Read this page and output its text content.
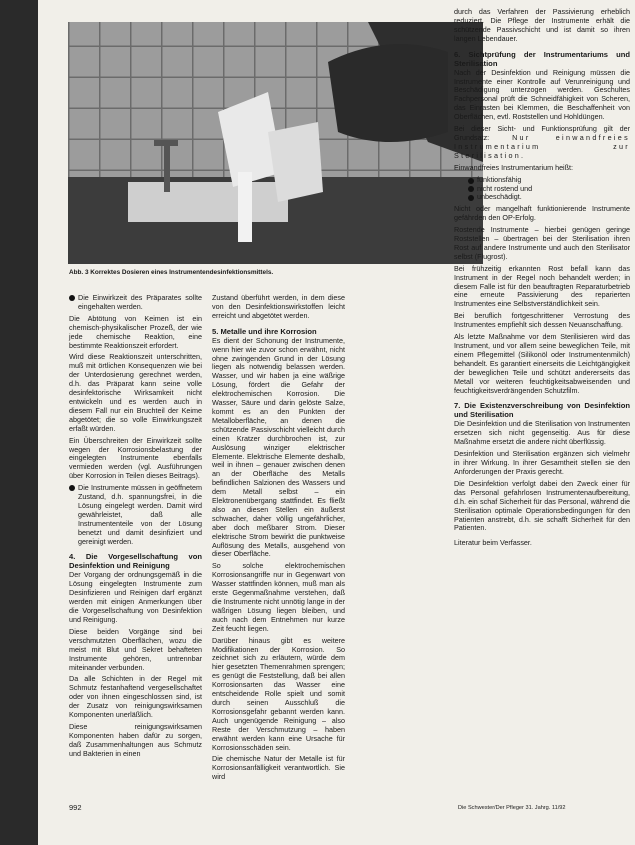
Abb. 3 Korrektes Dosieren eines Instrumentendesinfektionsmittels.
Die Einwirkzeit des Präparates sollte eingehalten werden.

Die Abtötung von Keimen ist ein chemisch-physikalischer Prozeß, der wie jede chemische Reaktion, eine bestimmte Reaktionszeit erfordert.

Wird diese Reaktionszeit unterschritten, muß mit örtlichen Konsequenzen wie bei der Unterdosierung gerechnet werden, d.h. das Präparat kann seine volle desinfektorische Wirksamkeit nicht entwickeln und es werden auch in diesem Fall nur ein Bruchteil der Keime abgetötet; die so volle Einwirkungszeit erfaßt würden.

Ein Überschreiten der Einwirkzeit sollte wegen der Korrosionsbelastung der eingelegten Instrumente ebenfalls vermieden werden (vgl. Ausführungen über Korrosion in Teilen dieses Beitrags).

Die Instrumente müssen in geöffnetem Zustand, d.h. spannungsfrei, in die Lösung eingelegt werden. Damit wird gewährleistet, daß alle Instrumententeile von der Lösung benetzt und damit desinfiziert und gereinigt werden.
4. Die Vorgesellschaftung von Desinfektion und Reinigung

Der Vorgang der ordnungsgemäß in die Lösung eingelegten Instrumente zum Desinfizieren und Reinigen darf ergänzt werden mit einigen Anmerkungen über die Vorgesellschaftung von Desinfektion und Reinigung.

Diese beiden Vorgänge sind bei verschmutzten Oberflächen, wozu die meist mit Blut und Sekret behafteten Instrumente gehören, untrennbar miteinander verbunden.

Da alle Schichten in der Regel mit Schmutz festanhaftend vergesellschaftet oder von ihnen eingeschlossen sind, ist der Zusatz von reinigungswirksamen Komponenten unerläßlich.

Diese reinigungswirksamen Komponenten haben dafür zu sorgen, daß Zusammenhaltungen aus Schmutz und Bakterien in einen

Zustand überführt werden, in dem diese von den Desinfektionswirkstoffen leicht erreicht und abgetötet werden.

5. Metalle und ihre Korrosion

Es dient der Schonung der Instrumente, wenn hier wie zuvor schon erwähnt, nicht ohne zwingenden Grund in der Lösung liegen als notwendig belassen werden. Wasser, und wir haben ja eine wäßrige Lösung, fördert die Gefahr der elektrochemischen Korrosion. Die Wasser, Säure und darin gelöste Salze, kommt es an den Punkten der Metalloberfläche, an denen die schützende Passivschicht vielleicht durch einen Kratzer durchbrochen ist, zur Auslösung winziger elektrischer Elemente. Elektrische Elemente deshalb, weil in ihnen – genauer zwischen denen an der Oberfläche des Metalls befindlichen Salzionen des Wassers und dem Metall selbst – ein Elektronenübergang stattfindet. Es fließt also an diesen Stellen ein äußerst schwacher, daher völlig ungefährlicher, aber doch meßbarer Strom. Dieser elektrische Strom bewirkt die punktweise Auflösung des Metalls, ausgehend von dieser Oberfläche.

So solche elektrochemischen Korrosionsangriffe nur in Gegenwart von Wasser stattfinden können, muß man als erste Gegenmaßnahme verstehen, daß die Instrumente nicht unnötig lange in der wäßrigen Lösung liegen bleiben, und auch nach dem Entnehmen nur kurze Zeit feucht liegen.

Darüber hinaus gibt es weitere Modifikationen der Korrosion. So zeichnet sich zu erläutern, würde dem hier gesetzten Themenrahmen sprengen; es genügt die Feststellung, daß bei allen Korrosionsarten das Wasser eine entscheidende Rolle spielt und somit durch seinen Ausschluß die Korrosionsgefahr gebannt werden kann. Auch ungenügende Reinigung – also Reste der Verschmutzung – haben erwähnt werden kann eine Ursache für Korrosionsschäden sein.

Die chemische Natur der Metalle ist für Korrosionsanfälligkeit verantwortlich. Sie wird

durch das Verfahren der Passivierung erheblich reduziert. Die Pflege der Instrumente erhält die schützende Passivschicht und ist damit so ihren langen Lebendauer.

6. Sichtprüfung der Instrumentariums und Sterilisation

Nach der Desinfektion und Reinigung müssen die Instrumente einer Kontrolle auf Verunreinigung und Beschädigung unterzogen werden. Geschultes Fachpersonal prüft die Schneidfähigkeit von Scheren, das Einrasten bei Klemmen, die Beschaffenheit von Oberflächen, evtl. Roststellen und Hohldüngen.

Bei dieser Sicht- und Funktionsprüfung gilt der Grundsatz:	Nur einwandfreies Instrumentarium zur Sterilisation.

Einwandfreies Instrumentarium heißt:

funktionsfähig
nicht rostend und
unbeschädigt.

Nicht oder mangelhaft funktionierende Instrumente gefährden den OP-Erfolg.

Rostende Instrumente – hierbei genügen geringe Roststellen – übertragen bei der Sterilisation ihren Rost auf andere Instrumente und auch den Sterilisator selbst (Flugrost).

Bei frühzeitig erkannten Rost befall kann das Instrument in der Regel noch behandelt werden; in diesem Falle ist für den beauftragten Reparaturbetrieb eine erneute Passivierung des reparierten Instrumentes eine Selbstverständlichkeit sein.

Bei beruflich fortgeschrittener Verrostung des Instrumentes empfiehlt sich dessen Neuanschaffung.

Als letzte Maßnahme vor dem Sterilisieren wird das Instrument, und vor allem seine beweglichen Teile, mit einem Pflegemittel (Silikonöl oder Instrumentenmilch) behandelt. Es garantiert einerseits die Leichtgängigkeit der beweglichen Teile und schützt andererseits das Metall vor weiteren feuchtigkeitsabweisenden und feuchtigkeitsverdrängenden Schutzfilm.

7. Die Existenzverschreibung von Desinfektion und Sterilisation

Die Desinfektion und die Sterilisation von Instrumenten ersetzen sich nicht gegenseitig. Aus für diese Maßnahme ersetzt die andere nicht überflüssig.

Desinfektion und Sterilisation ergänzen sich vielmehr in ihrer Wirkung. In ihrer Gesamtheit stellen sie den Anforderungen der Praxis gerecht.

Die Desinfektion verfolgt dabei den Zweck einer für das Personal gefahrlosen Instrumentenaufbereitung, d.h. ein schaf Sicherheit für das Personal, während die Sterilisation optimale Operationsbedingungen für den Patienten anstrebt, d.h. sie schafft Sicherheit für den Patienten.

Literatur beim Verfasser.

992	Die Schwester/Der Pfleger 31. Jahrg. 11/92
